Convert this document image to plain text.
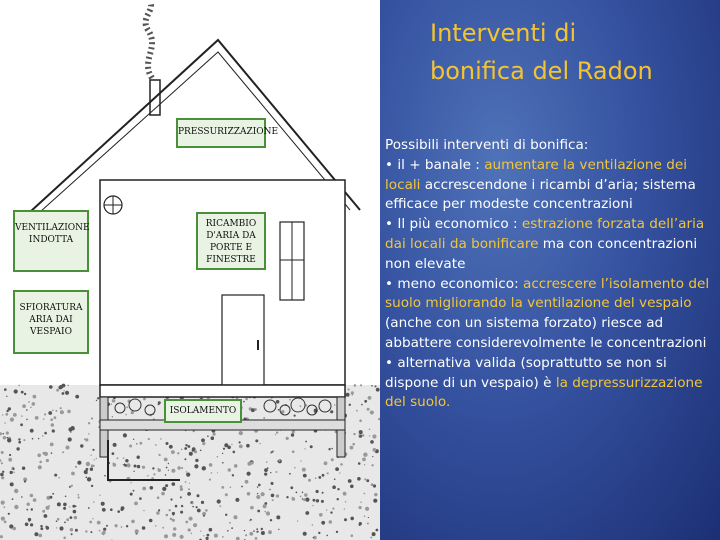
PRESSURIZZAZIONE
VENTILAZIONE INDOTTA
RICAMBIO D'ARIA DA PORTE E FINESTRE
SFIORATURA ARIA DAI VESPAIO
ISOLAMENTO
Interventi di
bonifica del Radon
Possibili interventi di bonifica:
• il + banale : aumentare la ventilazione dei locali accrescendone i ricambi d’aria; sistema efficace per modeste concentrazioni
• Il più economico : estrazione forzata dell’aria dai locali da bonificare ma con concentrazioni non elevate
• meno economico: accrescere l’isolamento del suolo migliorando la ventilazione del vespaio (anche con un sistema forzato) riesce ad abbattere considerevolmente le concentrazioni
• alternativa valida (soprattutto se non si dispone di un vespaio) è la depressurizzazione del suolo.
